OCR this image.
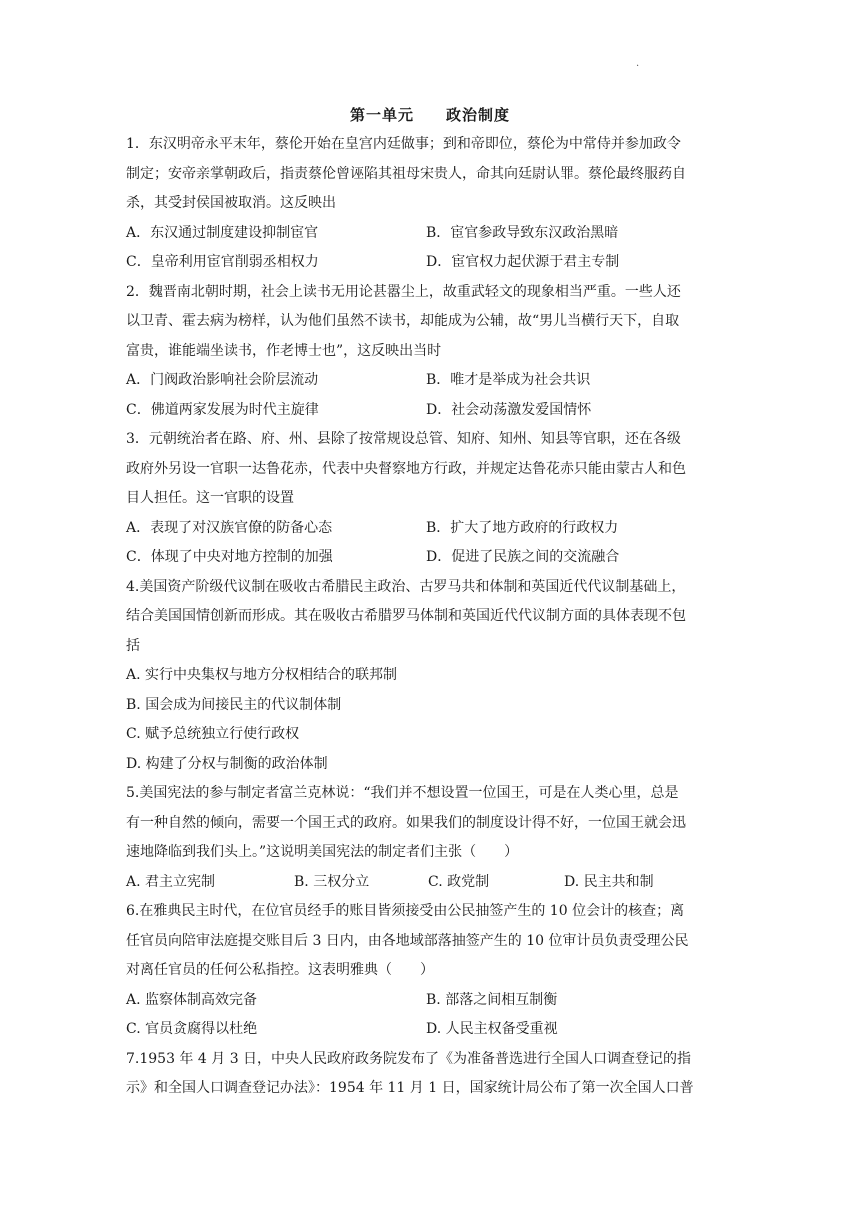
.
第一单元　　政治制度
1．东汉明帝永平末年，蔡伦开始在皇宫内廷做事；到和帝即位，蔡伦为中常侍并参加政令
制定；安帝亲掌朝政后，指责蔡伦曾诬陷其祖母宋贵人，命其向廷尉认罪。蔡伦最终服药自
杀，其受封侯国被取消。这反映出
A．东汉通过制度建设抑制宦官	B．宦官参政导致东汉政治黑暗
C．皇帝利用宦官削弱丞相权力	D．宦官权力起伏源于君主专制
2．魏晋南北朝时期，社会上读书无用论甚嚣尘上，故重武轻文的现象相当严重。一些人还
以卫青、霍去病为榜样，认为他们虽然不读书，却能成为公辅，故“男儿当横行天下，自取
富贵，谁能端坐读书，作老博士也”，这反映出当时
A．门阀政治影响社会阶层流动	B．唯才是举成为社会共识
C．佛道两家发展为时代主旋律	D．社会动荡激发爱国情怀
3．元朝统治者在路、府、州、县除了按常规设总管、知府、知州、知县等官职，还在各级
政府外另设一官职一达鲁花赤，代表中央督察地方行政，并规定达鲁花赤只能由蒙古人和色
目人担任。这一官职的设置
A．表现了对汉族官僚的防备心态	B．扩大了地方政府的行政权力
C．体现了中央对地方控制的加强	D．促进了民族之间的交流融合
4.美国资产阶级代议制在吸收古希腊民主政治、古罗马共和体制和英国近代代议制基础上，
结合美国国情创新而形成。其在吸收古希腊罗马体制和英国近代代议制方面的具体表现不包
括
A. 实行中央集权与地方分权相结合的联邦制
B. 国会成为间接民主的代议制体制
C. 赋予总统独立行使行政权
D. 构建了分权与制衡的政治体制
5.美国宪法的参与制定者富兰克林说：“我们并不想设置一位国王，可是在人类心里，总是
有一种自然的倾向，需要一个国王式的政府。如果我们的制度设计得不好，一位国王就会迅
速地降临到我们头上。”这说明美国宪法的制定者们主张（　　）
A. 君主立宪制	B. 三权分立	C. 政党制	D. 民主共和制
6.在雅典民主时代，在位官员经手的账目皆须接受由公民抽签产生的 10 位会计的核查；离
任官员向陪审法庭提交账目后 3 日内，由各地域部落抽签产生的 10 位审计员负责受理公民
对离任官员的任何公私指控。这表明雅典（　　）
A. 监察体制高效完备	B. 部落之间相互制衡
C. 官员贪腐得以杜绝	D. 人民主权备受重视
7.1953 年 4 月 3 日，中央人民政府政务院发布了《为准备普选进行全国人口调查登记的指
示》和全国人口调查登记办法》：1954 年 11 月 1 日，国家统计局公布了第一次全国人口普
